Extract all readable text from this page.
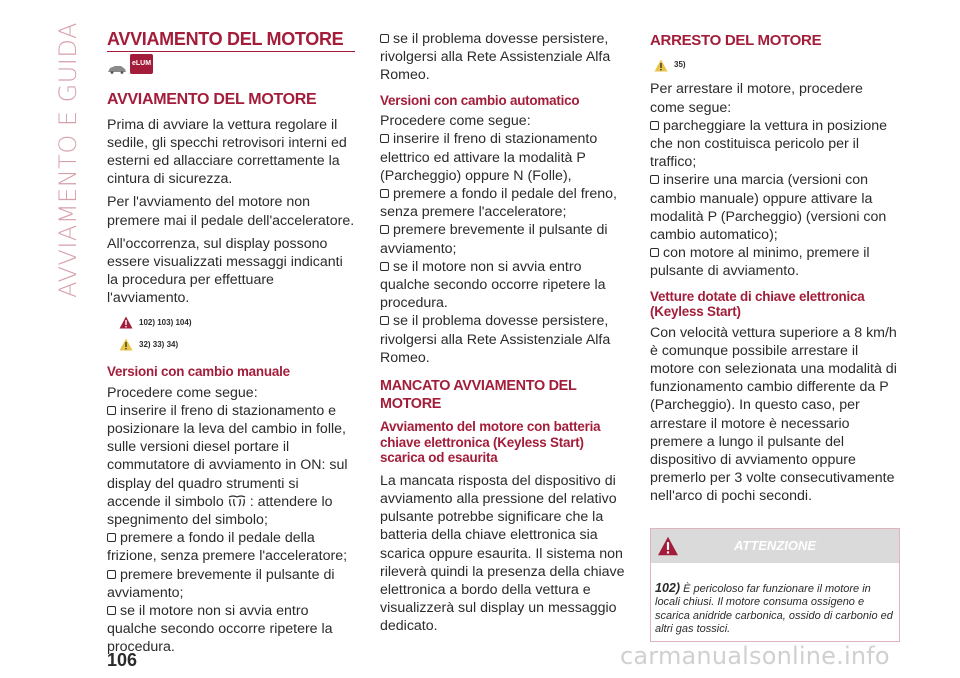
AVVIAMENTO E GUIDA AVVIAMENTO DEL MOTORE
eLUM
AVVIAMENTO DEL MOTORE

Prima di avviare la vettura regolare il sedile, gli specchi retrovisori interni ed esterni ed allacciare correttamente la cintura di sicurezza.

Per l'avviamento del motore non premere mai il pedale dell'acceleratore.

All'occorrenza, sul display possono essere visualizzati messaggi indicanti la procedura per effettuare l'avviamento.

102) 103) 104)
32) 33) 34)
Versioni con cambio manuale
Procedere come segue:
inserire il freno di stazionamento e posizionare la leva del cambio in folle, sulle versioni diesel portare il commutatore di avviamento in ON: sul display del quadro strumenti si accende il simbolo : attendere lo spegnimento del simbolo;
premere a fondo il pedale della frizione, senza premere l'acceleratore;
premere brevemente il pulsante di avviamento;
se il motore non si avvia entro qualche secondo occorre ripetere la procedura.

se il problema dovesse persistere, rivolgersi alla Rete Assistenziale Alfa Romeo.

Versioni con cambio automatico
Procedere come segue:
inserire il freno di stazionamento elettrico ed attivare la modalità P (Parcheggio) oppure N (Folle),
premere a fondo il pedale del freno, senza premere l'acceleratore;
premere brevemente il pulsante di avviamento;
se il motore non si avvia entro qualche secondo occorre ripetere la procedura.
se il problema dovesse persistere, rivolgersi alla Rete Assistenziale Alfa Romeo.
MANCATO AVVIAMENTO DEL MOTORE
Avviamento del motore con batteria chiave elettronica (Keyless Start) scarica od esaurita

La mancata risposta del dispositivo di avviamento alla pressione del relativo pulsante potrebbe significare che la batteria della chiave elettronica sia scarica oppure esaurita. Il sistema non rileverà quindi la presenza della chiave elettronica a bordo della vettura e visualizzerà sul display un messaggio dedicato.

ARRESTO DEL MOTORE
35)
Per arrestare il motore, procedere come segue:
parcheggiare la vettura in posizione che non costituisca pericolo per il traffico;
inserire una marcia (versioni con cambio manuale) oppure attivare la modalità P (Parcheggio) (versioni con cambio automatico);
con motore al minimo, premere il pulsante di avviamento.
Vetture dotate di chiave elettronica (Keyless Start)

Con velocità vettura superiore a 8 km/h è comunque possibile arrestare il motore con selezionata una modalità di funzionamento cambio differente da P (Parcheggio). In questo caso, per arrestare il motore è necessario premere a lungo il pulsante del dispositivo di avviamento oppure premerlo per 3 volte consecutivamente nell'arco di pochi secondi.

ATTENZIONE
102) È pericoloso far funzionare il motore in locali chiusi. Il motore consuma ossigeno e scarica anidride carbonica, ossido di carbonio ed altri gas tossici.
106	carmanualsonline.info
